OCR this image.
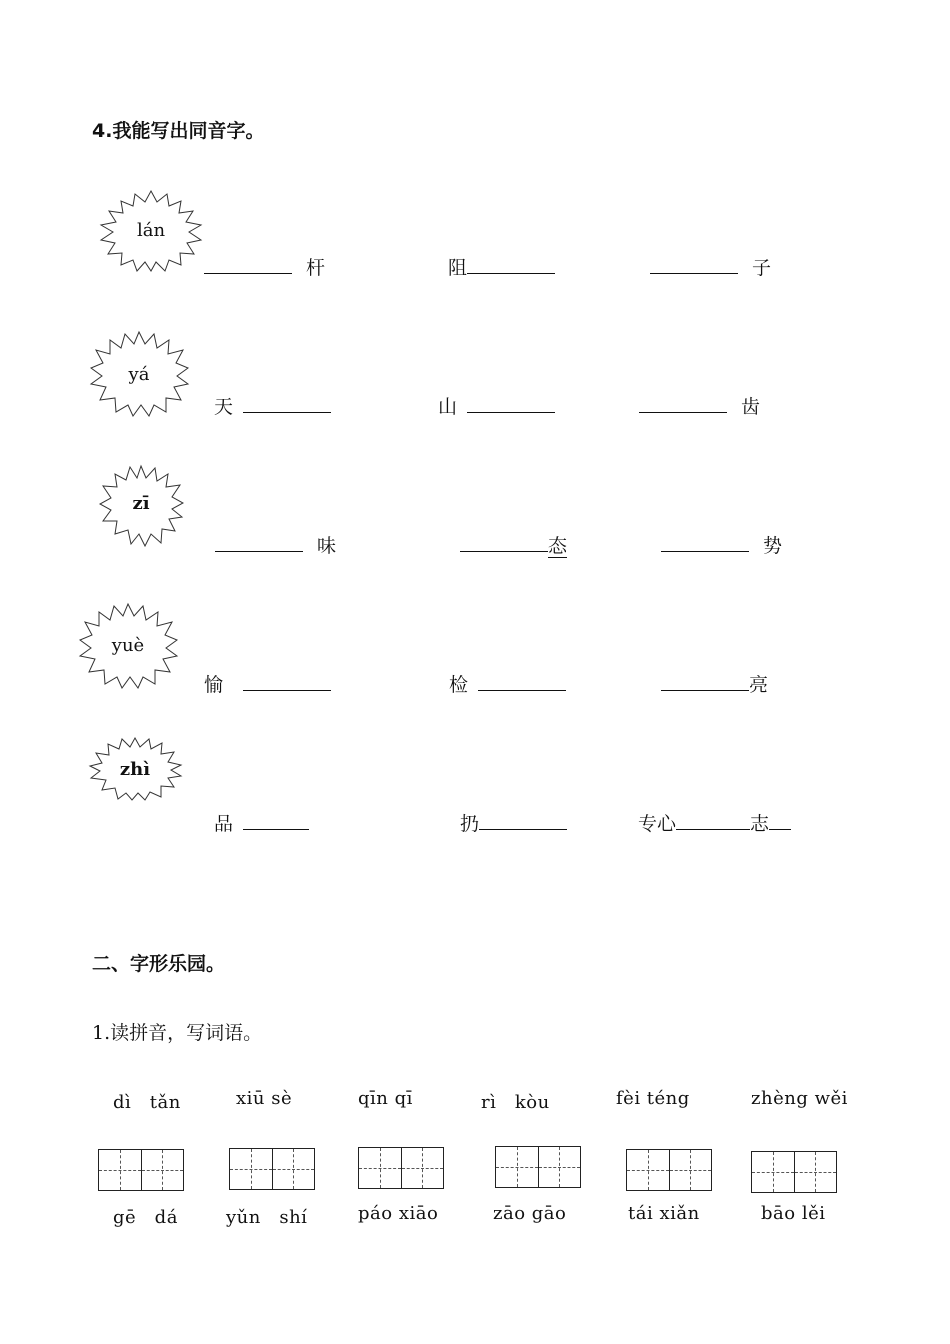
4.我能写出同音字。
lán
杆	阻	子
yá
天	山	齿
zī
味	态	势
yuè
愉	检	亮
zhì
品	扔	专心	志
二、字形乐园。
1.读拼音，写词语。
dì　tǎn	xiū sè	qīn qī	rì　kòu	fèi téng	zhèng wěi
gē　dá	yǔn　shí	páo xiāo	zāo gāo	tái xiǎn	bāo lěi
